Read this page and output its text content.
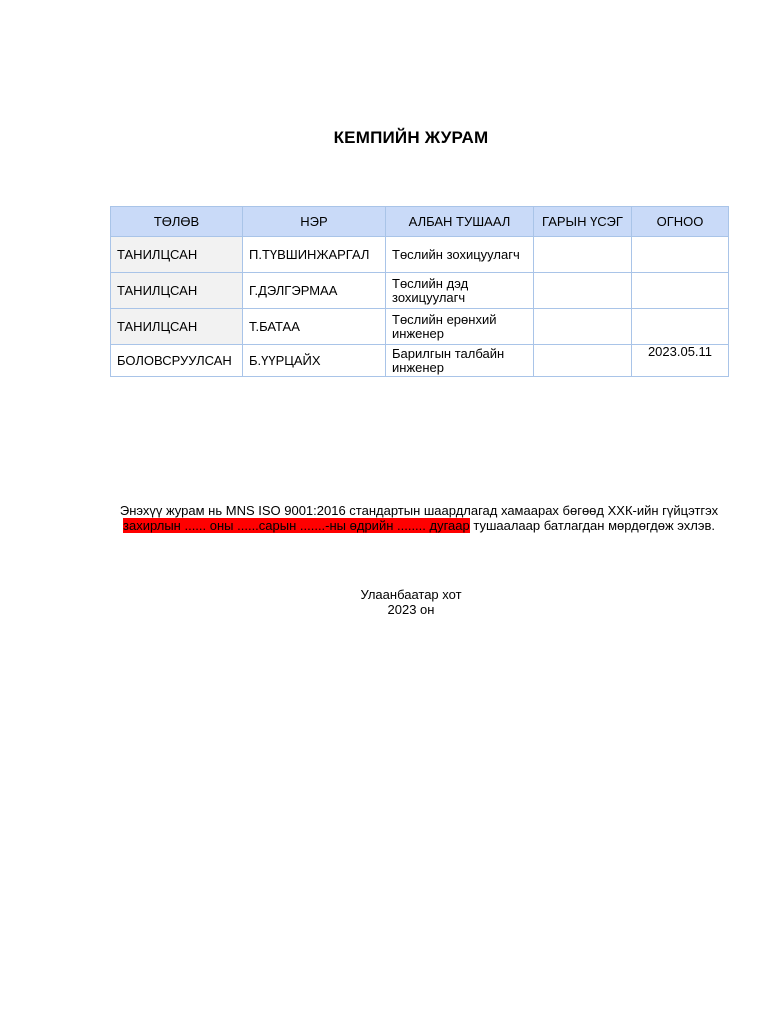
КЕМПИЙН ЖУРАМ
ТӨЛӨВ	НЭР	АЛБАН ТУШААЛ	ГАРЫН ҮСЭГ	ОГНОО
ТАНИЛЦСАН	П.ТҮВШИНЖАРГАЛ	Төслийн зохицуулагч		
ТАНИЛЦСАН	Г.ДЭЛГЭРМАА	Төслийн дэд зохицуулагч		
ТАНИЛЦСАН	Т.БАТАА	Төслийн ерөнхий инженер		
БОЛОВСРУУЛСАН	Б.ҮҮРЦАЙХ	Барилгын талбайн инженер		2023.05.11
Энэхүү журам нь MNS ISO 9001:2016 стандартын шаардлагад хамаарах бөгөөд ХХК-ийн гүйцэтгэх захирлын ...... оны ......сарын .......-ны өдрийн ........ дугаар тушаалаар батлагдан мөрдөгдөж эхлэв.
Улаанбаатар хот
2023 он
